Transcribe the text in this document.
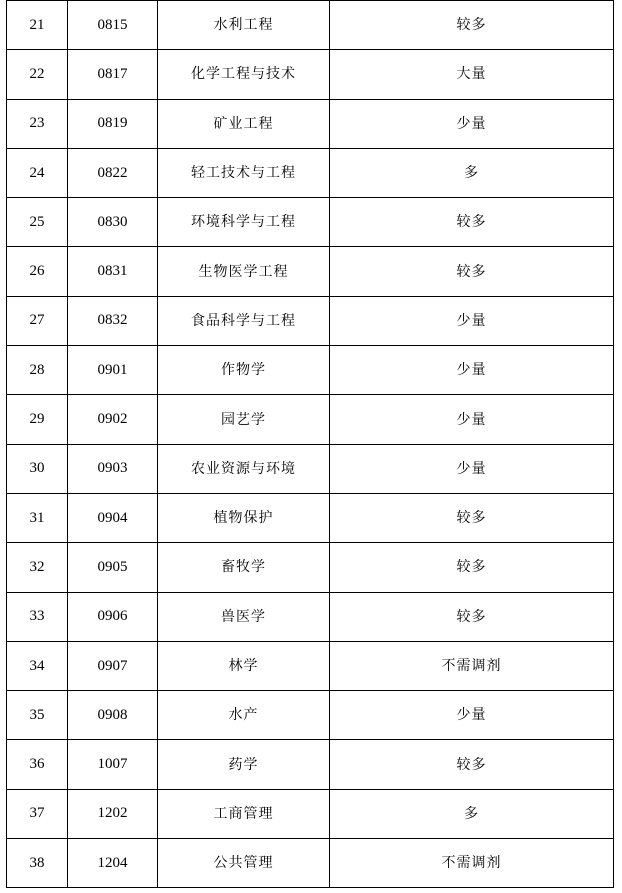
21	0815	水利工程	较多
22	0817	化学工程与技术	大量
23	0819	矿业工程	少量
24	0822	轻工技术与工程	多
25	0830	环境科学与工程	较多
26	0831	生物医学工程	较多
27	0832	食品科学与工程	少量
28	0901	作物学	少量
29	0902	园艺学	少量
30	0903	农业资源与环境	少量
31	0904	植物保护	较多
32	0905	畜牧学	较多
33	0906	兽医学	较多
34	0907	林学	不需调剂
35	0908	水产	少量
36	1007	药学	较多
37	1202	工商管理	多
38	1204	公共管理	不需调剂
